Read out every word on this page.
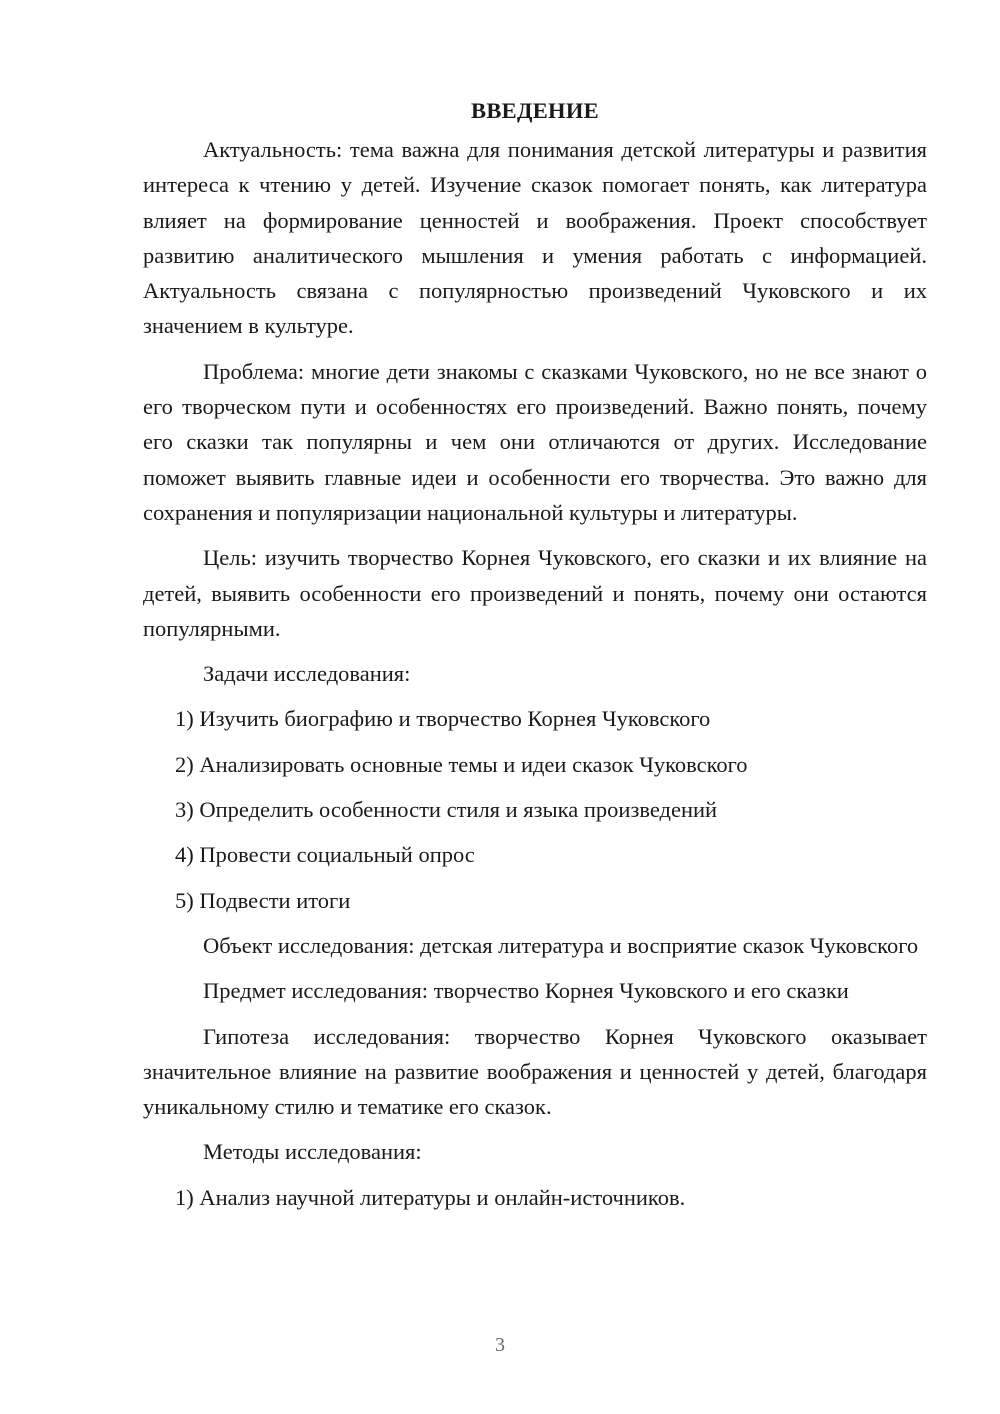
ВВЕДЕНИЕ

Актуальность: тема важна для понимания детской литературы и развития интереса к чтению у детей. Изучение сказок помогает понять, как литература влияет на формирование ценностей и воображения. Проект способствует развитию аналитического мышления и умения работать с информацией. Актуальность связана с популярностью произведений Чуковского и их значением в культуре.

Проблема: многие дети знакомы с сказками Чуковского, но не все знают о его творческом пути и особенностях его произведений. Важно понять, почему его сказки так популярны и чем они отличаются от других. Исследование поможет выявить главные идеи и особенности его творчества. Это важно для сохранения и популяризации национальной культуры и литературы.

Цель: изучить творчество Корнея Чуковского, его сказки и их влияние на детей, выявить особенности его произведений и понять, почему они остаются популярными.

Задачи исследования:
1) Изучить биографию и творчество Корнея Чуковского
2) Анализировать основные темы и идеи сказок Чуковского
3) Определить особенности стиля и языка произведений
4) Провести социальный опрос
5) Подвести итоги

Объект исследования: детская литература и восприятие сказок Чуковского

Предмет исследования: творчество Корнея Чуковского и его сказки

Гипотеза исследования: творчество Корнея Чуковского оказывает значительное влияние на развитие воображения и ценностей у детей, благодаря уникальному стилю и тематике его сказок.

Методы исследования:
1) Анализ научной литературы и онлайн-источников.
3
